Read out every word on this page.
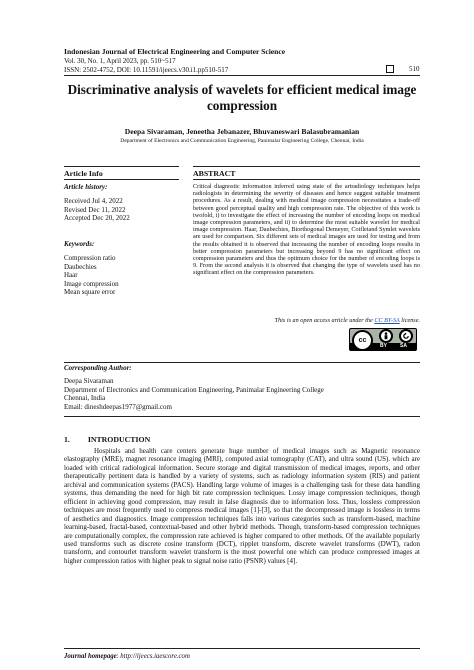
Indonesian Journal of Electrical Engineering and Computer Science
Vol. 30, No. 1, April 2023, pp. 510~517
ISSN: 2502-4752, DOI: 10.11591/ijeecs.v30.i1.pp510-517	510
Discriminative analysis of wavelets for efficient medical image
compression
Deepa Sivaraman, Jeneetha Jebanazer, Bhuvaneswari Balasubramanian
Department of Electronics and Communication Engineering, Panimalar Engineering College, Chennai, India
Article Info
Article history:
Received Jul 4, 2022
Revised Dec 11, 2022
Accepted Dec 20, 2022
Keywords:
Compression ratio
Daubechies
Haar
Image compression
Mean square error
ABSTRACT
Critical diagnostic information inferred using state of the artradiology techniques helps radiologists in determining the severity of diseases and hence suggest suitable treatment procedures. As a result, dealing with medical image compression necessitates a trade-off between good perceptual quality and high compression rate. The objective of this work is twofold, i) to investigate the effect of increasing the number of encoding loops on medical image compression parameters, and ii) to determine the most suitable wavelet for medical image compression. Haar, Daubechies, Biorthogonal Demeyer, Coifletand Symlet wavelets are used for comparison. Six different sets of medical images are used for testing and from the results obtained it is observed that increasing the number of encoding loops results in better compression parameters but increasing beyond 9 has no significant effect on compression parameters and thus the optimum choice for the number of encoding loops is 9. From the second analysis it is observed that changing the type of wavelets used has no significant effect on the compression parameters.
This is an open access article under the CC BY-SA license.
cc
BY	SA
Corresponding Author:
Deepa Sivaraman
Department of Electronics and Communication Engineering, Panimalar Engineering College
Chennai, India
Email: dineshdeepas1977@gmail.com
1. INTRODUCTION
Hospitals and health care centers generate huge number of medical images such as Magnetic resonance elastography (MRE), magnet resonance imaging (MRI), computed axial tomography (CAT), and ultra sound (US). which are loaded with critical radiological information. Secure storage and digital transmission of medical images, reports, and other therapeutically pertinent data is handled by a variety of systems, such as radiology information system (RIS) and patient archival and communication systems (PACS). Handling large volume of images is a challenging task for these data handling systems, thus demanding the need for high bit rate compression techniques. Lossy image compression techniques, though efficient in achieving good compression, may result in false diagnosis due to information loss. Thus, lossless compression techniques are most frequently used to compress medical images [1]-[3], so that the decompressed image is lossless in terms of aesthetics and diagnostics. Image compression techniques falls into various categories such as transform-based, machine learning-based, fractal-based, contextual-based and other hybrid methods. Though, transform-based compression techniques are computationally complex, the compression rate achieved is higher compared to other methods. Of the available popularly used transforms such as discrete cosine transform (DCT), ripplet transform, discrete wavelet transforms (DWT), radon transform, and contourlet transform wavelet transform is the most powerful one which can produce compressed images at higher compression ratios with higher peak to signal noise ratio (PSNR) values [4].
Journal homepage: http://ijeecs.iaescore.com
